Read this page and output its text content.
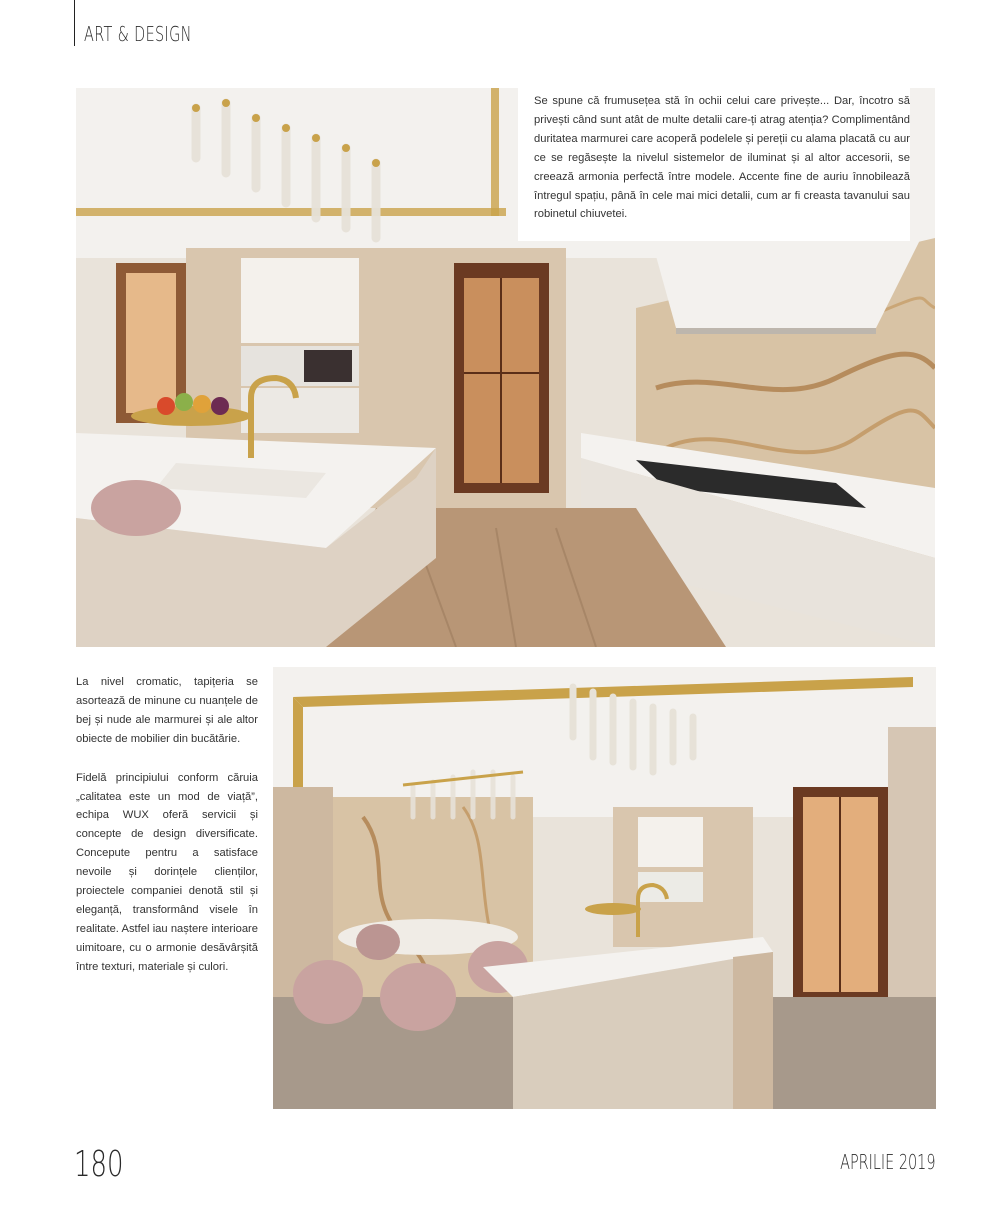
ART & DESIGN

Se spune că frumusețea stă în ochii celui care privește... Dar, încotro să privești când sunt atât de multe detalii care-ți atrag atenția? Complimentând duritatea marmurei care acoperă podelele și pereții cu alama placată cu aur ce se regăsește la nivelul sistemelor de iluminat și al altor accesorii, se creează armonia perfectă între modele. Accente fine de auriu înnobilează întregul spațiu, până în cele mai mici detalii, cum ar fi creasta tavanului sau robinetul chiuvetei.

La nivel cromatic, tapițeria se asortează de minune cu nuanțele de bej și nude ale marmurei și ale altor obiecte de mobilier din bucătărie.

Fidelă principiului conform căruia „calitatea este un mod de viață”, echipa WUX oferă servicii și concepte de design diversificate. Concepute pentru a satisface nevoile și dorințele clienților, proiectele companiei denotă stil și eleganță, transformând visele în realitate. Astfel iau naștere interioare uimitoare, cu o armonie desăvârșită între texturi, materiale și culori.

180	APRILIE 2019
